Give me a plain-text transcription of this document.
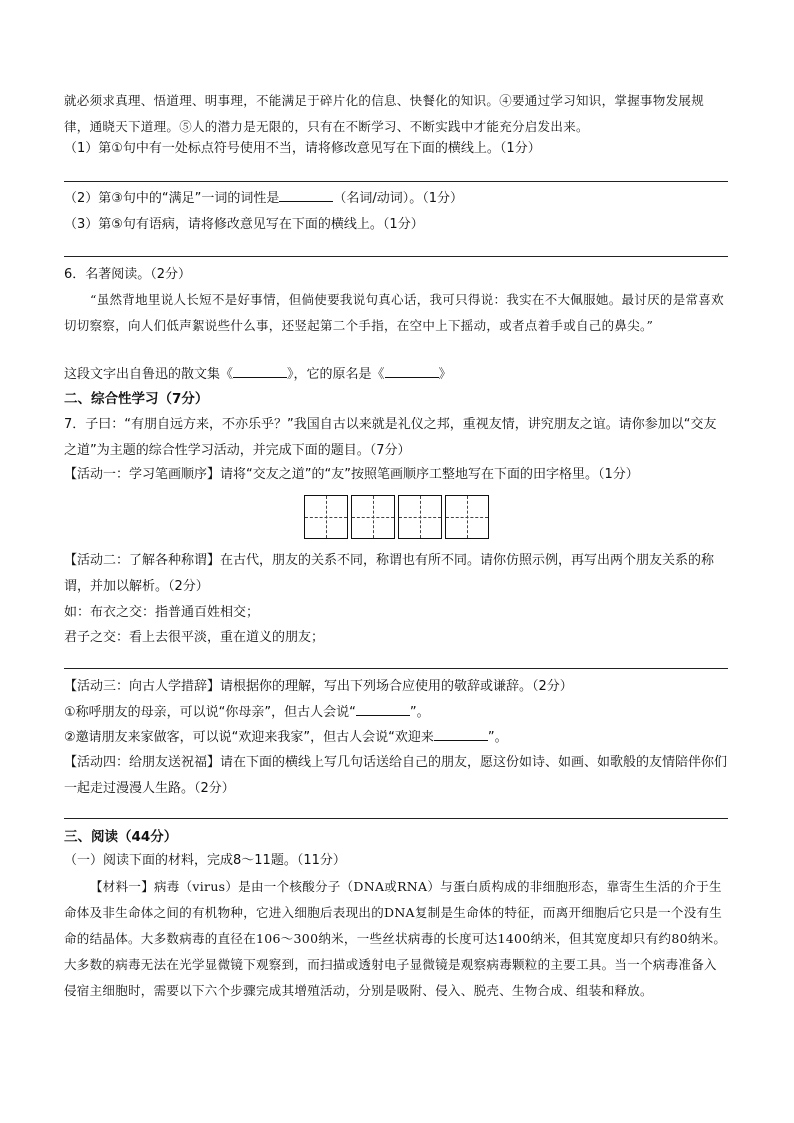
就必须求真理、悟道理、明事理，不能满足于碎片化的信息、快餐化的知识。④要通过学习知识，掌握事物发展规律，通晓天下道理。⑤人的潜力是无限的，只有在不断学习、不断实践中才能充分启发出来。

（1）第①句中有一处标点符号使用不当，请将修改意见写在下面的横线上。（1分）

（2）第③句中的“满足”一词的词性是	（名词/动词）。（1分）

（3）第⑤句有语病，请将修改意见写在下面的横线上。（1分）

6．名著阅读。（2分）

“虽然背地里说人长短不是好事情，但倘使要我说句真心话，我可只得说：我实在不大佩服她。最讨厌的是常喜欢切切察察，向人们低声絮说些什么事，还竖起第二个手指，在空中上下摇动，或者点着手或自己的鼻尖。”

这段文字出自鲁迅的散文集《	》，它的原名是《	》

二、综合性学习（7分）

7．子曰：“有朋自远方来，不亦乐乎？”我国自古以来就是礼仪之邦，重视友情，讲究朋友之谊。请你参加以“交友之道”为主题的综合性学习活动，并完成下面的题目。（7分）

【活动一：学习笔画顺序】请将“交友之道”的“友”按照笔画顺序工整地写在下面的田字格里。（1分）

【活动二：了解各种称谓】在古代，朋友的关系不同，称谓也有所不同。请你仿照示例，再写出两个朋友关系的称谓，并加以解析。（2分）

如：布衣之交：指普通百姓相交；

君子之交：看上去很平淡，重在道义的朋友；

【活动三：向古人学措辞】请根据你的理解，写出下列场合应使用的敬辞或谦辞。（2分）

①称呼朋友的母亲，可以说“你母亲”，但古人会说“	”。

②邀请朋友来家做客，可以说“欢迎来我家”，但古人会说“欢迎来	”。

【活动四：给朋友送祝福】请在下面的横线上写几句话送给自己的朋友，愿这份如诗、如画、如歌般的友情陪伴你们一起走过漫漫人生路。（2分）

三、阅读（44分）

（一）阅读下面的材料，完成8～11题。（11分）

【材料一】病毒（virus）是由一个核酸分子（DNA或RNA）与蛋白质构成的非细胞形态，靠寄生生活的介于生命体及非生命体之间的有机物种，它进入细胞后表现出的DNA复制是生命体的特征，而离开细胞后它只是一个没有生命的结晶体。大多数病毒的直径在106～300纳米，一些丝状病毒的长度可达1400纳米，但其宽度却只有约80纳米。大多数的病毒无法在光学显微镜下观察到，而扫描或透射电子显微镜是观察病毒颗粒的主要工具。当一个病毒准备入侵宿主细胞时，需要以下六个步骤完成其增殖活动，分别是吸附、侵入、脱壳、生物合成、组装和释放。
